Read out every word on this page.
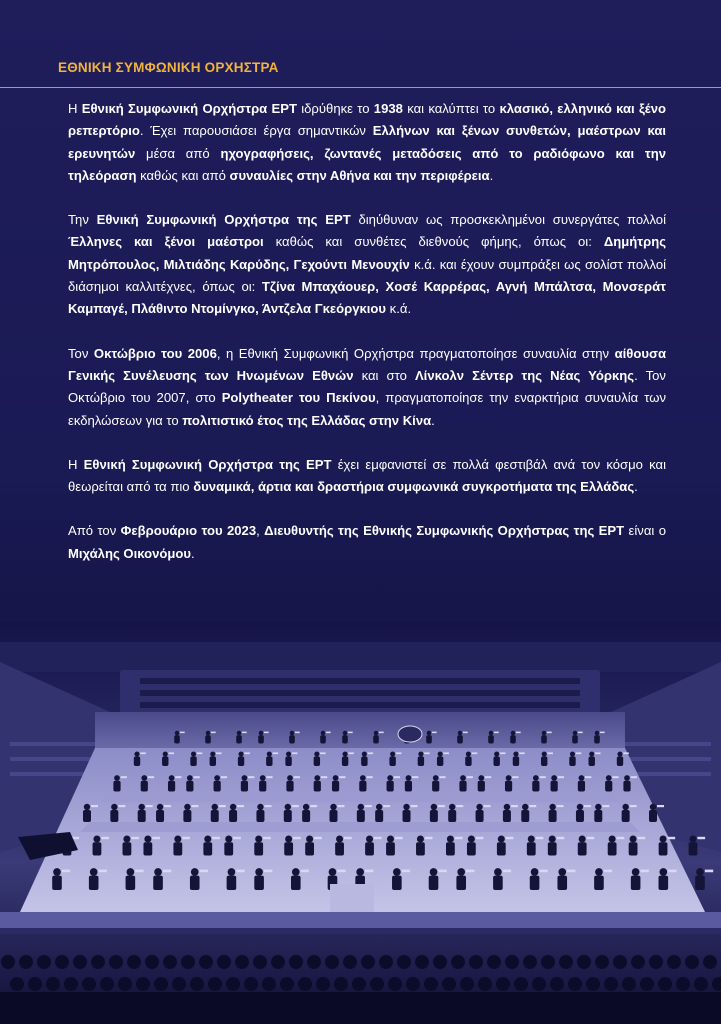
ΕΘΝΙΚΗ ΣΥΜΦΩΝΙΚΗ ΟΡΧΗΣΤΡΑ

Η Εθνική Συμφωνική Ορχήστρα ΕΡΤ ιδρύθηκε το 1938 και καλύπτει το κλασικό, ελληνικό και ξένο ρεπερτόριο. Έχει παρουσιάσει έργα σημαντικών Ελλήνων και ξένων συνθετών, μαέστρων και ερευνητών μέσα από ηχογραφήσεις, ζωντανές μεταδόσεις από το ραδιόφωνο και την τηλεόραση καθώς και από συναυλίες στην Αθήνα και την περιφέρεια.

Την Εθνική Συμφωνική Ορχήστρα της ΕΡΤ διηύθυναν ως προσκεκλημένοι συνεργάτες πολλοί Έλληνες και ξένοι μαέστροι καθώς και συνθέτες διεθνούς φήμης, όπως οι: Δημήτρης Μητρόπουλος, Μιλτιάδης Καρύδης, Γεχούντι Μενουχίν κ.ά. και έχουν συμπράξει ως σολίστ πολλοί διάσημοι καλλιτέχνες, όπως οι: Τζίνα Μπαχάουερ, Χοσέ Καρρέρας, Αγνή Μπάλτσα, Μονσεράτ Καμπαγέ, Πλάθιντο Ντομίνγκο, Άντζελα Γκεόργκιου κ.ά.

Τον Οκτώβριο του 2006, η Εθνική Συμφωνική Ορχήστρα πραγματοποίησε συναυλία στην αίθουσα Γενικής Συνέλευσης των Ηνωμένων Εθνών και στο Λίνκολν Σέντερ της Νέας Υόρκης. Τον Οκτώβριο του 2007, στο Polytheater του Πεκίνου, πραγματοποίησε την εναρκτήρια συναυλία των εκδηλώσεων για το πολιτιστικό έτος της Ελλάδας στην Κίνα.

Η Εθνική Συμφωνική Ορχήστρα της ΕΡΤ έχει εμφανιστεί σε πολλά φεστιβάλ ανά τον κόσμο και θεωρείται από τα πιο δυναμικά, άρτια και δραστήρια συμφωνικά συγκροτήματα της Ελλάδας.

Από τον Φεβρουάριο του 2023, Διευθυντής της Εθνικής Συμφωνικής Ορχήστρας της ΕΡΤ είναι ο Μιχάλης Οικονόμου.
